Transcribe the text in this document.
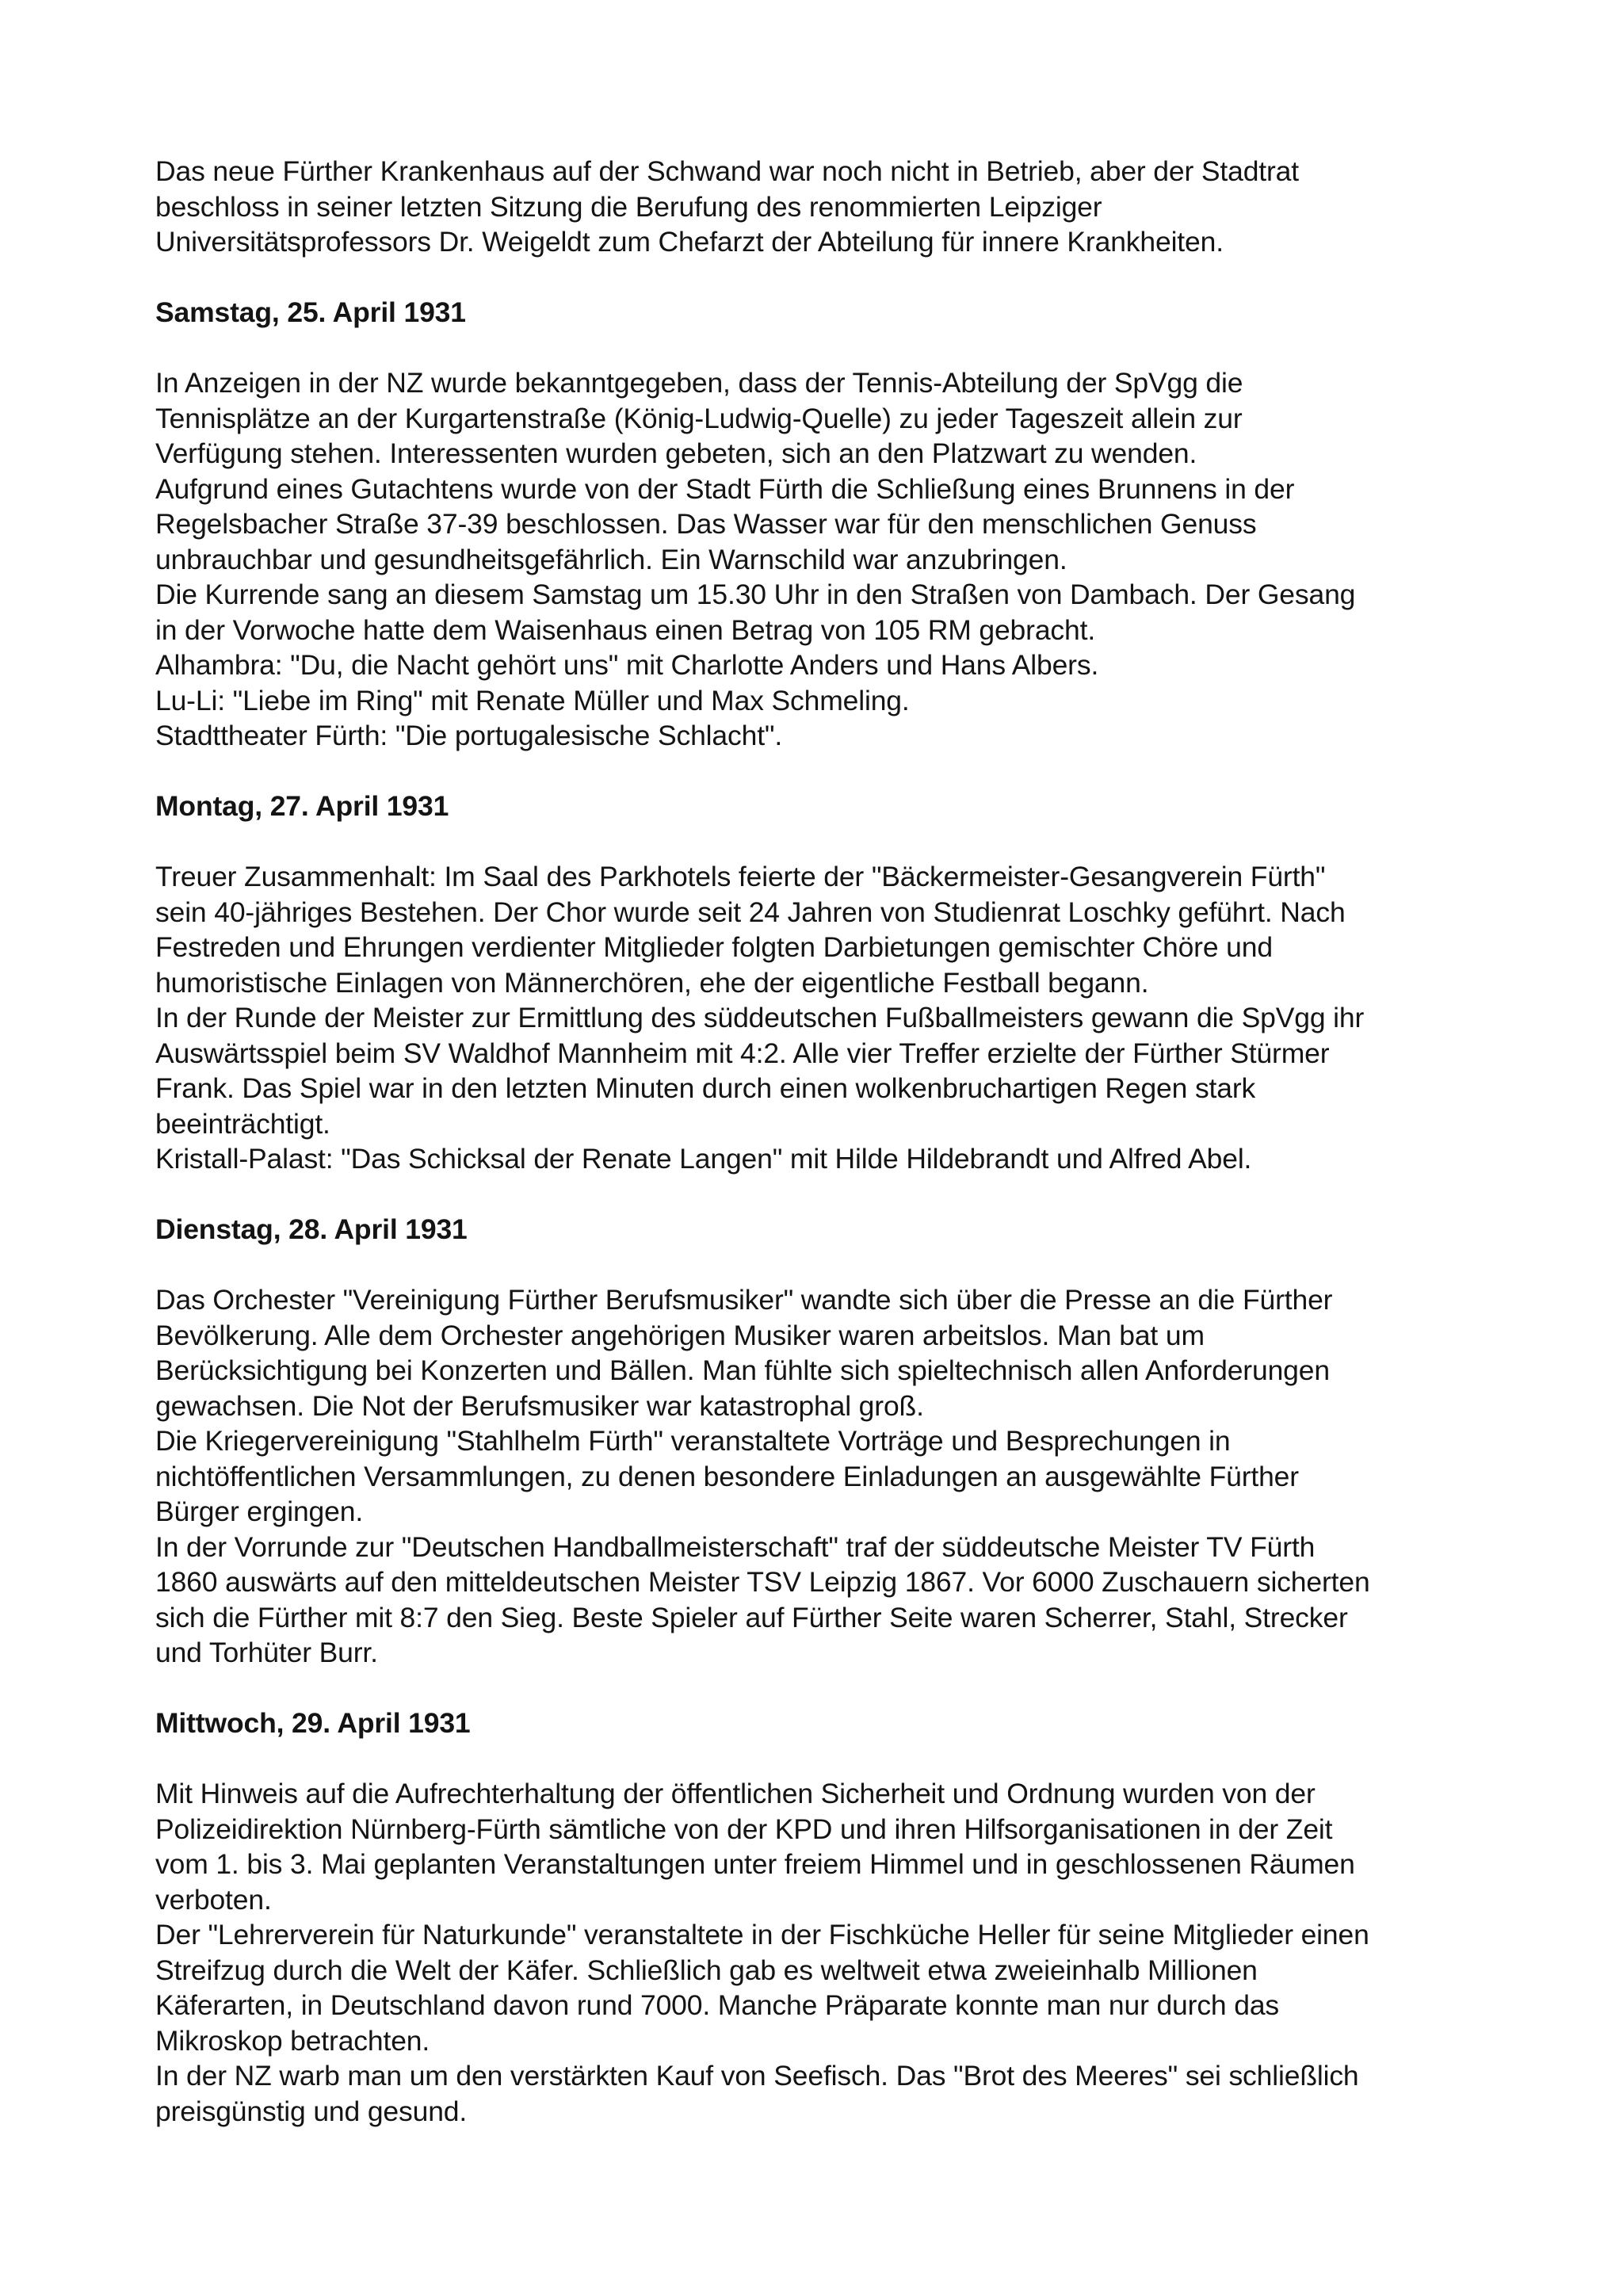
Das neue Fürther Krankenhaus auf der Schwand war noch nicht in Betrieb, aber der Stadtrat
beschloss in seiner letzten Sitzung die Berufung des renommierten Leipziger
Universitätsprofessors Dr. Weigeldt zum Chefarzt der Abteilung für innere Krankheiten.
Samstag, 25. April 1931
In Anzeigen in der NZ wurde bekanntgegeben, dass der Tennis-Abteilung der SpVgg die
Tennisplätze an der Kurgartenstraße (König-Ludwig-Quelle) zu jeder Tageszeit allein zur
Verfügung stehen. Interessenten wurden gebeten, sich an den Platzwart zu wenden.
Aufgrund eines Gutachtens wurde von der Stadt Fürth die Schließung eines Brunnens in der
Regelsbacher Straße 37-39 beschlossen. Das Wasser war für den menschlichen Genuss
unbrauchbar und gesundheitsgefährlich. Ein Warnschild war anzubringen.
Die Kurrende sang an diesem Samstag um 15.30 Uhr in den Straßen von Dambach. Der Gesang
in der Vorwoche hatte dem Waisenhaus einen Betrag von 105 RM gebracht.
Alhambra: "Du, die Nacht gehört uns" mit Charlotte Anders und Hans Albers.
Lu-Li: "Liebe im Ring" mit Renate Müller und Max Schmeling.
Stadttheater Fürth: "Die portugalesische Schlacht".
Montag, 27. April 1931
Treuer Zusammenhalt: Im Saal des Parkhotels feierte der "Bäckermeister-Gesangverein Fürth"
sein 40-jähriges Bestehen. Der Chor wurde seit 24 Jahren von Studienrat Loschky geführt. Nach
Festreden und Ehrungen verdienter Mitglieder folgten Darbietungen gemischter Chöre und
humoristische Einlagen von Männerchören, ehe der eigentliche Festball begann.
In der Runde der Meister zur Ermittlung des süddeutschen Fußballmeisters gewann die SpVgg ihr
Auswärtsspiel beim SV Waldhof Mannheim mit 4:2. Alle vier Treffer erzielte der Fürther Stürmer
Frank. Das Spiel war in den letzten Minuten durch einen wolkenbruchartigen Regen stark
beeinträchtigt.
Kristall-Palast: "Das Schicksal der Renate Langen" mit Hilde Hildebrandt und Alfred Abel.
Dienstag, 28. April 1931
Das Orchester "Vereinigung Fürther Berufsmusiker" wandte sich über die Presse an die Fürther
Bevölkerung. Alle dem Orchester angehörigen Musiker waren arbeitslos. Man bat um
Berücksichtigung bei Konzerten und Bällen. Man fühlte sich spieltechnisch allen Anforderungen
gewachsen. Die Not der Berufsmusiker war katastrophal groß.
Die Kriegervereinigung "Stahlhelm Fürth" veranstaltete Vorträge und Besprechungen in
nichtöffentlichen Versammlungen, zu denen besondere Einladungen an ausgewählte Fürther
Bürger ergingen.
In der Vorrunde zur "Deutschen Handballmeisterschaft" traf der süddeutsche Meister TV Fürth
1860 auswärts auf den mitteldeutschen Meister TSV Leipzig 1867. Vor 6000 Zuschauern sicherten
sich die Fürther mit 8:7 den Sieg. Beste Spieler auf Fürther Seite waren Scherrer, Stahl, Strecker
und Torhüter Burr.
Mittwoch, 29. April 1931
Mit Hinweis auf die Aufrechterhaltung der öffentlichen Sicherheit und Ordnung wurden von der
Polizeidirektion Nürnberg-Fürth sämtliche von der KPD und ihren Hilfsorganisationen in der Zeit
vom 1. bis 3. Mai geplanten Veranstaltungen unter freiem Himmel und in geschlossenen Räumen
verboten.
Der "Lehrerverein für Naturkunde" veranstaltete in der Fischküche Heller für seine Mitglieder einen
Streifzug durch die Welt der Käfer. Schließlich gab es weltweit etwa zweieinhalb Millionen
Käferarten, in Deutschland davon rund 7000. Manche Präparate konnte man nur durch das
Mikroskop betrachten.
In der NZ warb man um den verstärkten Kauf von Seefisch. Das "Brot des Meeres" sei schließlich
preisgünstig und gesund.
